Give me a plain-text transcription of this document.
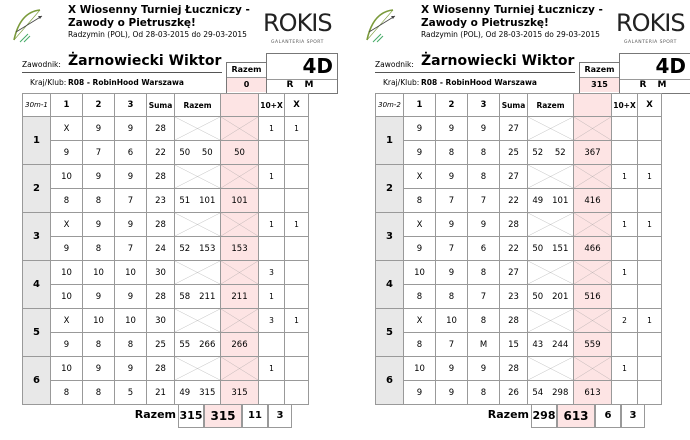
X Wiosenny Turniej Łuczniczy -
Zawody o Pietruszkę!
Radzymin (POL), Od 28-03-2015 do 29-03-2015 ROKIS
GALANTERIA SPORT
Zawodnik: Żarnowiecki Wiktor
Kraj/Klub: R08 - RobinHood Warszawa
Razem
0
4D
R M
30m-1	1	2	3	Suma	Razem			10+X	X
1	X	9	9	28				1	1
	9	7	6	22	50	50	50		
2	10	9	9	28				1	
	8	8	7	23	51	101	101		
3	X	9	9	28				1	1
	9	8	7	24	52	153	153		
4	10	10	10	30				3	
	10	9	9	28	58	211	211	1	
5	X	10	10	30				3	1
	9	8	8	25	55	266	266		
6	10	9	9	28				1	
	8	8	5	21	49	315	315		
Razem 315 315	11	3
X Wiosenny Turniej Łuczniczy -
Zawody o Pietruszkę!
Radzymin (POL), Od 28-03-2015 do 29-03-2015 ROKIS
GALANTERIA SPORT
Zawodnik: Żarnowiecki Wiktor
Kraj/Klub: R08 - RobinHood Warszawa
Razem
315
4D
R M
30m-2	1	2	3	Suma	Razem			10+X	X
1	9	9	9	27	

	9	8	8	25	52	52	367		
2	X	9	8	27				1	1
	8	7	7	22	49	101	416		
3	X	9	9	28				1	1
	9	7	6	22	50	151	466		
4	10	9	8	27				1	
	8	8	7	23	50	201	516		
5	X	10	8	28				2	1
	8	7	M	15	43	244	559		
6	10	9	9	28				1	
	9	9	8	26	54	298	613		
Razem 298 613	6	3
